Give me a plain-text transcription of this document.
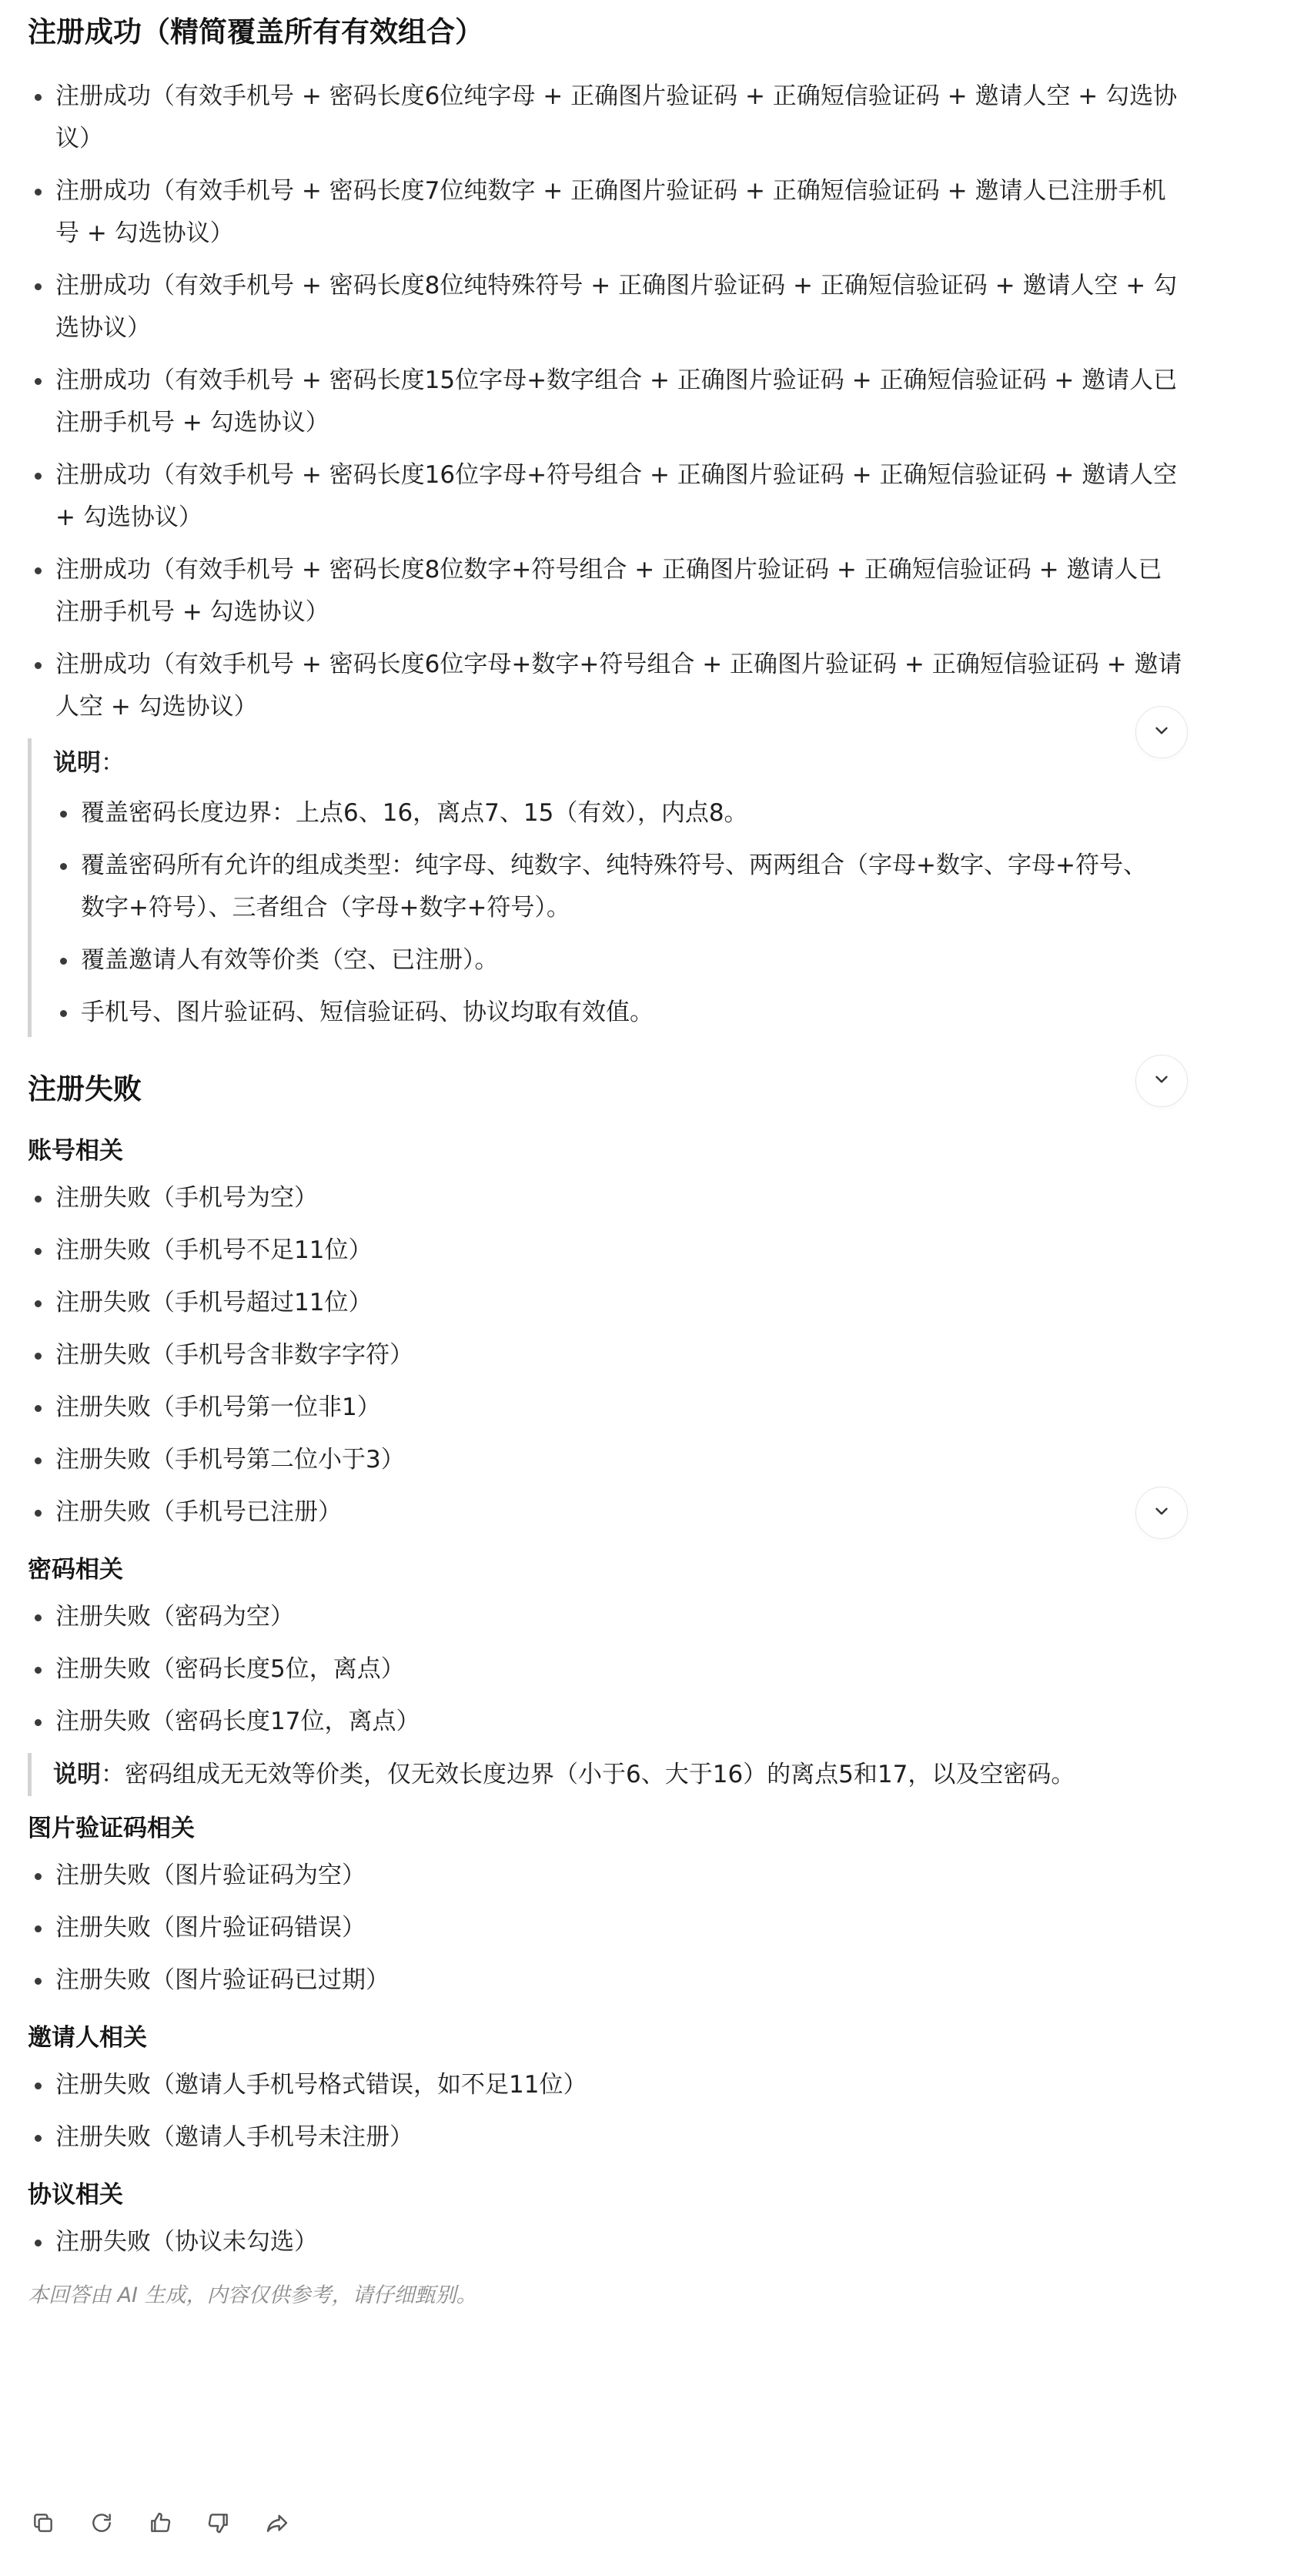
注册成功（精简覆盖所有有效组合）
注册成功（有效手机号 + 密码长度6位纯字母 + 正确图片验证码 + 正确短信验证码 + 邀请人空 + 勾选协
议）
注册成功（有效手机号 + 密码长度7位纯数字 + 正确图片验证码 + 正确短信验证码 + 邀请人已注册手机
号 + 勾选协议）
注册成功（有效手机号 + 密码长度8位纯特殊符号 + 正确图片验证码 + 正确短信验证码 + 邀请人空 + 勾
选协议）
注册成功（有效手机号 + 密码长度15位字母+数字组合 + 正确图片验证码 + 正确短信验证码 + 邀请人已
注册手机号 + 勾选协议）
注册成功（有效手机号 + 密码长度16位字母+符号组合 + 正确图片验证码 + 正确短信验证码 + 邀请人空
+ 勾选协议）
注册成功（有效手机号 + 密码长度8位数字+符号组合 + 正确图片验证码 + 正确短信验证码 + 邀请人已
注册手机号 + 勾选协议）
注册成功（有效手机号 + 密码长度6位字母+数字+符号组合 + 正确图片验证码 + 正确短信验证码 + 邀请
人空 + 勾选协议）

说明：

覆盖密码长度边界：上点6、16，离点7、15（有效），内点8。
覆盖密码所有允许的组成类型：纯字母、纯数字、纯特殊符号、两两组合（字母+数字、字母+符号、
数字+符号）、三者组合（字母+数字+符号）。
覆盖邀请人有效等价类（空、已注册）。
手机号、图片验证码、短信验证码、协议均取有效值。
注册失败
账号相关
注册失败（手机号为空）
注册失败（手机号不足11位）
注册失败（手机号超过11位）
注册失败（手机号含非数字字符）
注册失败（手机号第一位非1）
注册失败（手机号第二位小于3）
注册失败（手机号已注册）
密码相关
注册失败（密码为空）
注册失败（密码长度5位，离点）
注册失败（密码长度17位，离点）
说明：密码组成无无效等价类，仅无效长度边界（小于6、大于16）的离点5和17，以及空密码。
图片验证码相关
注册失败（图片验证码为空）
注册失败（图片验证码错误）
注册失败（图片验证码已过期）
邀请人相关
注册失败（邀请人手机号格式错误，如不足11位）
注册失败（邀请人手机号未注册）
协议相关
注册失败（协议未勾选）
本回答由 AI 生成，内容仅供参考，请仔细甄别。
